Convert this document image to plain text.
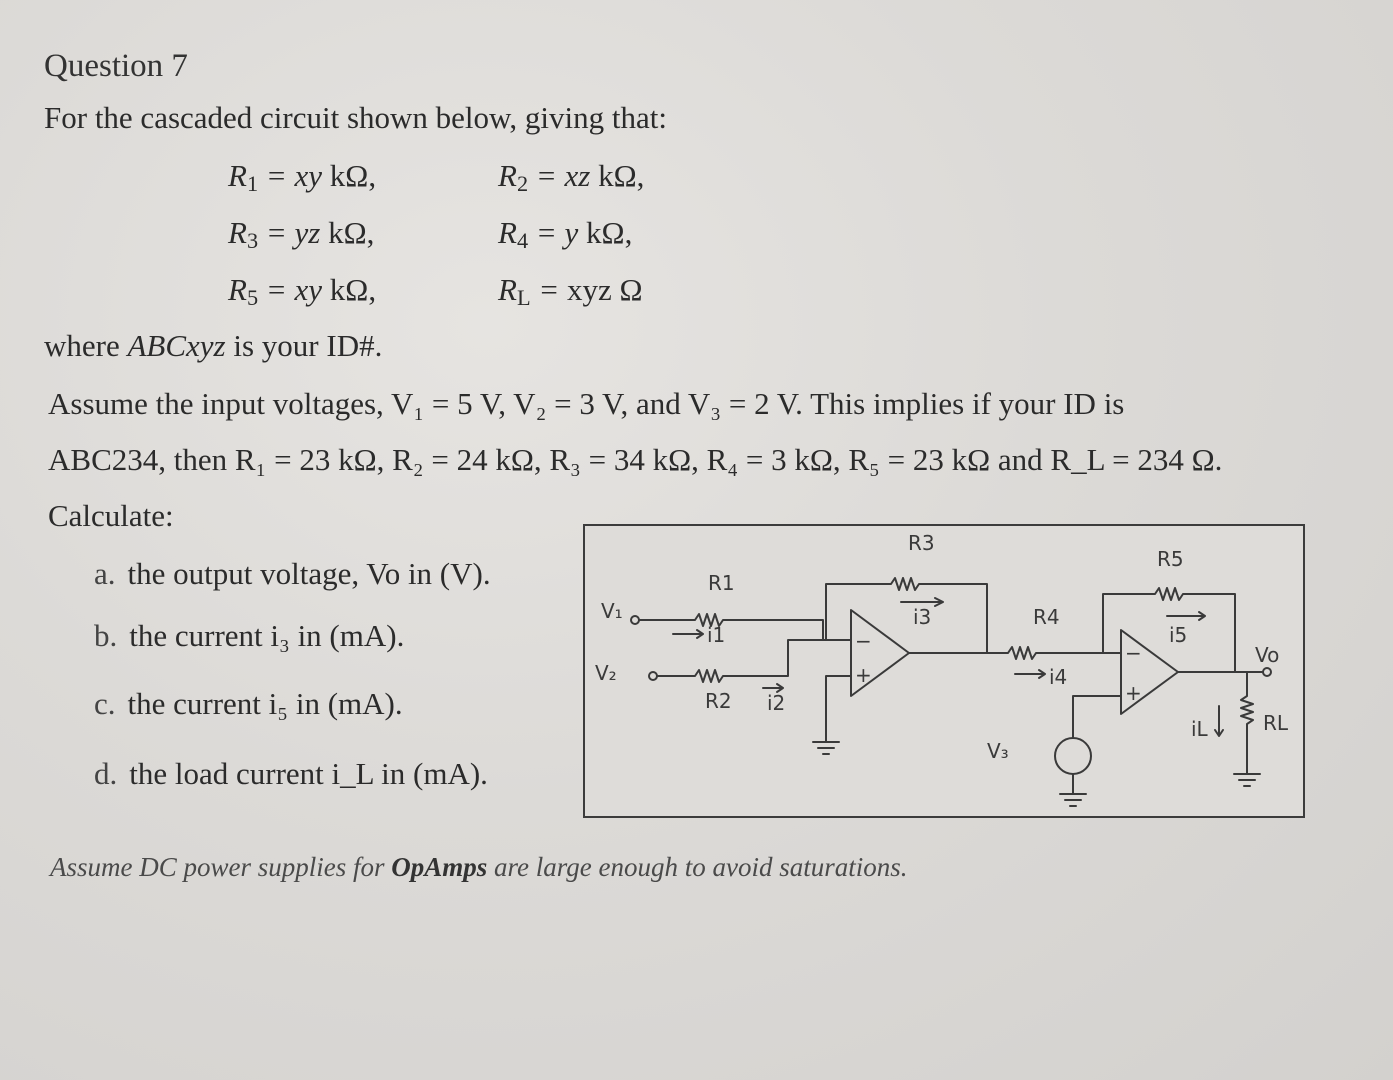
Question 7
For the cascaded circuit shown below, giving that:
$R_1$ = xy kΩ,	$R_2$ = xz kΩ,
$R_3$ = yz kΩ,	$R_4 = y$ kΩ,
$R_5$ = xy kΩ,	$R_L$ = xyz Ω
where ABCxyz is your ID#.
Assume the input voltages, V₁ = 5 V, V₂ = 3 V, and V₃ = 2 V. This implies if your ID is
ABC234, then R₁ = 23 kΩ, R₂ = 24 kΩ, R₃ = 34 kΩ, R₄ = 3 kΩ, R₅ = 23 kΩ and R_L = 234 Ω.
Calculate:
a. the output voltage, Vo in (V).
b. the current i₃ in (mA).
c. the current i₅ in (mA).
d. the load current i_L in (mA).
Assume DC power supplies for OpAmps are large enough to avoid saturations.
V₁
V₂
V₃
Vo
R1
R2
R3
R4
R5
RL
i1
i2
i3
i4
i5
iL
−
+
−
+
